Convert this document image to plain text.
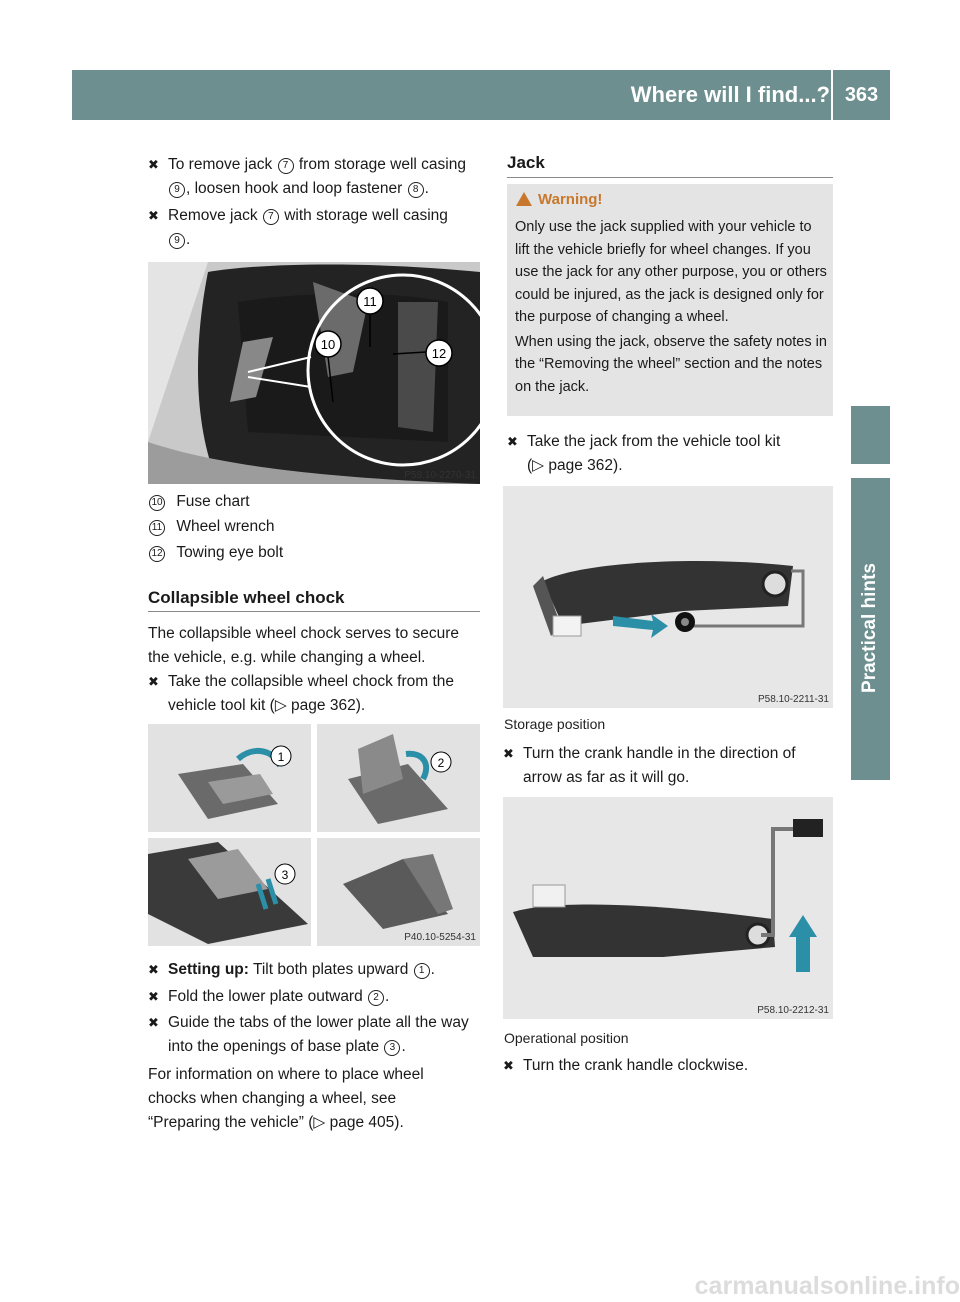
Where will I find...? 363
Practical hints
✖ To remove jack 7 from storage well casing
9 , loosen hook and loop fastener 8 .
✖ Remove jack 7 with storage well casing
9 .
11
10
12
P58.10-2270-31
10 Fuse chart
11 Wheel wrench
12 Towing eye bolt
Collapsible wheel chock
The collapsible wheel chock serves to secure
the vehicle, e.g. while changing a wheel.
✖ Take the collapsible wheel chock from the
vehicle tool kit (▷ page 362).
1	2
3
P40.10-5254-31
✖ Setting up: Tilt both plates upward 1 .
✖ Fold the lower plate outward 2 .
✖ Guide the tabs of the lower plate all the way
into the openings of base plate 3 .
For information on where to place wheel
chocks when changing a wheel, see
“Preparing the vehicle” (▷ page 405).
Jack
Warning!
Only use the jack supplied with your vehicle to lift the vehicle briefly for wheel changes. If you use the jack for any other purpose, you or others could be injured, as the jack is designed only for the purpose of changing a wheel.
When using the jack, observe the safety notes in the “Removing the wheel” section and the notes on the jack.
✖ Take the jack from the vehicle tool kit
(▷ page 362).
P58.10-2211-31
Storage position
✖ Turn the crank handle in the direction of
arrow as far as it will go.
P58.10-2212-31
Operational position
✖ Turn the crank handle clockwise.
carmanualsonline.info
